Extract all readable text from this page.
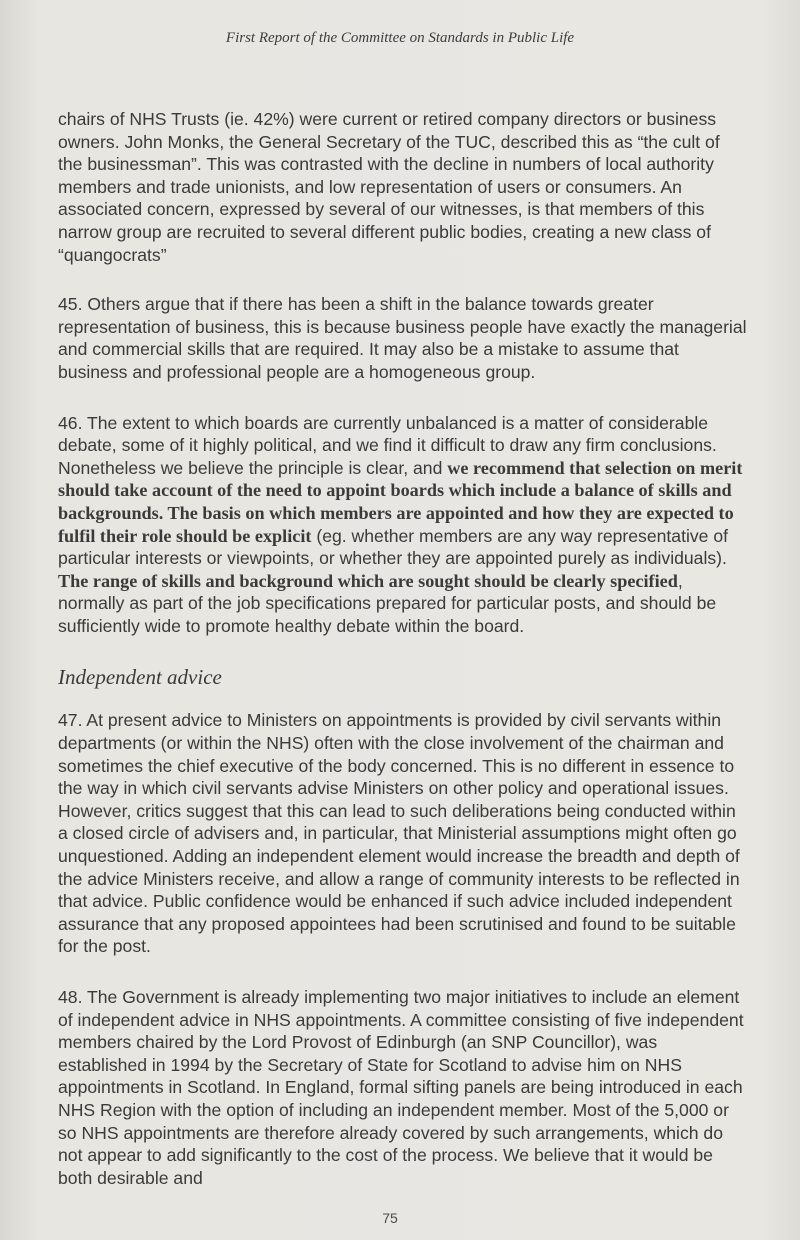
First Report of the Committee on Standards in Public Life

chairs of NHS Trusts (ie. 42%) were current or retired company directors or business owners. John Monks, the General Secretary of the TUC, described this as “the cult of the businessman”. This was contrasted with the decline in numbers of local authority members and trade unionists, and low representation of users or consumers. An associated concern, expressed by several of our witnesses, is that members of this narrow group are recruited to several different public bodies, creating a new class of “quangocrats”

45. Others argue that if there has been a shift in the balance towards greater representation of business, this is because business people have exactly the managerial and commercial skills that are required. It may also be a mistake to assume that business and professional people are a homogeneous group.

46. The extent to which boards are currently unbalanced is a matter of considerable debate, some of it highly political, and we find it difficult to draw any firm conclusions. Nonetheless we believe the principle is clear, and we recommend that selection on merit should take account of the need to appoint boards which include a balance of skills and backgrounds. The basis on which members are appointed and how they are expected to fulfil their role should be explicit (eg. whether members are any way representative of particular interests or viewpoints, or whether they are appointed purely as individuals). The range of skills and background which are sought should be clearly specified, normally as part of the job specifications prepared for particular posts, and should be sufficiently wide to promote healthy debate within the board.

Independent advice

47. At present advice to Ministers on appointments is provided by civil servants within departments (or within the NHS) often with the close involvement of the chairman and sometimes the chief executive of the body concerned. This is no different in essence to the way in which civil servants advise Ministers on other policy and operational issues. However, critics suggest that this can lead to such deliberations being conducted within a closed circle of advisers and, in particular, that Ministerial assumptions might often go unquestioned. Adding an independent element would increase the breadth and depth of the advice Ministers receive, and allow a range of community interests to be reflected in that advice. Public confidence would be enhanced if such advice included independent assurance that any proposed appointees had been scrutinised and found to be suitable for the post.

48. The Government is already implementing two major initiatives to include an element of independent advice in NHS appointments. A committee consisting of five independent members chaired by the Lord Provost of Edinburgh (an SNP Councillor), was established in 1994 by the Secretary of State for Scotland to advise him on NHS appointments in Scotland. In England, formal sifting panels are being introduced in each NHS Region with the option of including an independent member. Most of the 5,000 or so NHS appointments are therefore already covered by such arrangements, which do not appear to add significantly to the cost of the process. We believe that it would be both desirable and

75
